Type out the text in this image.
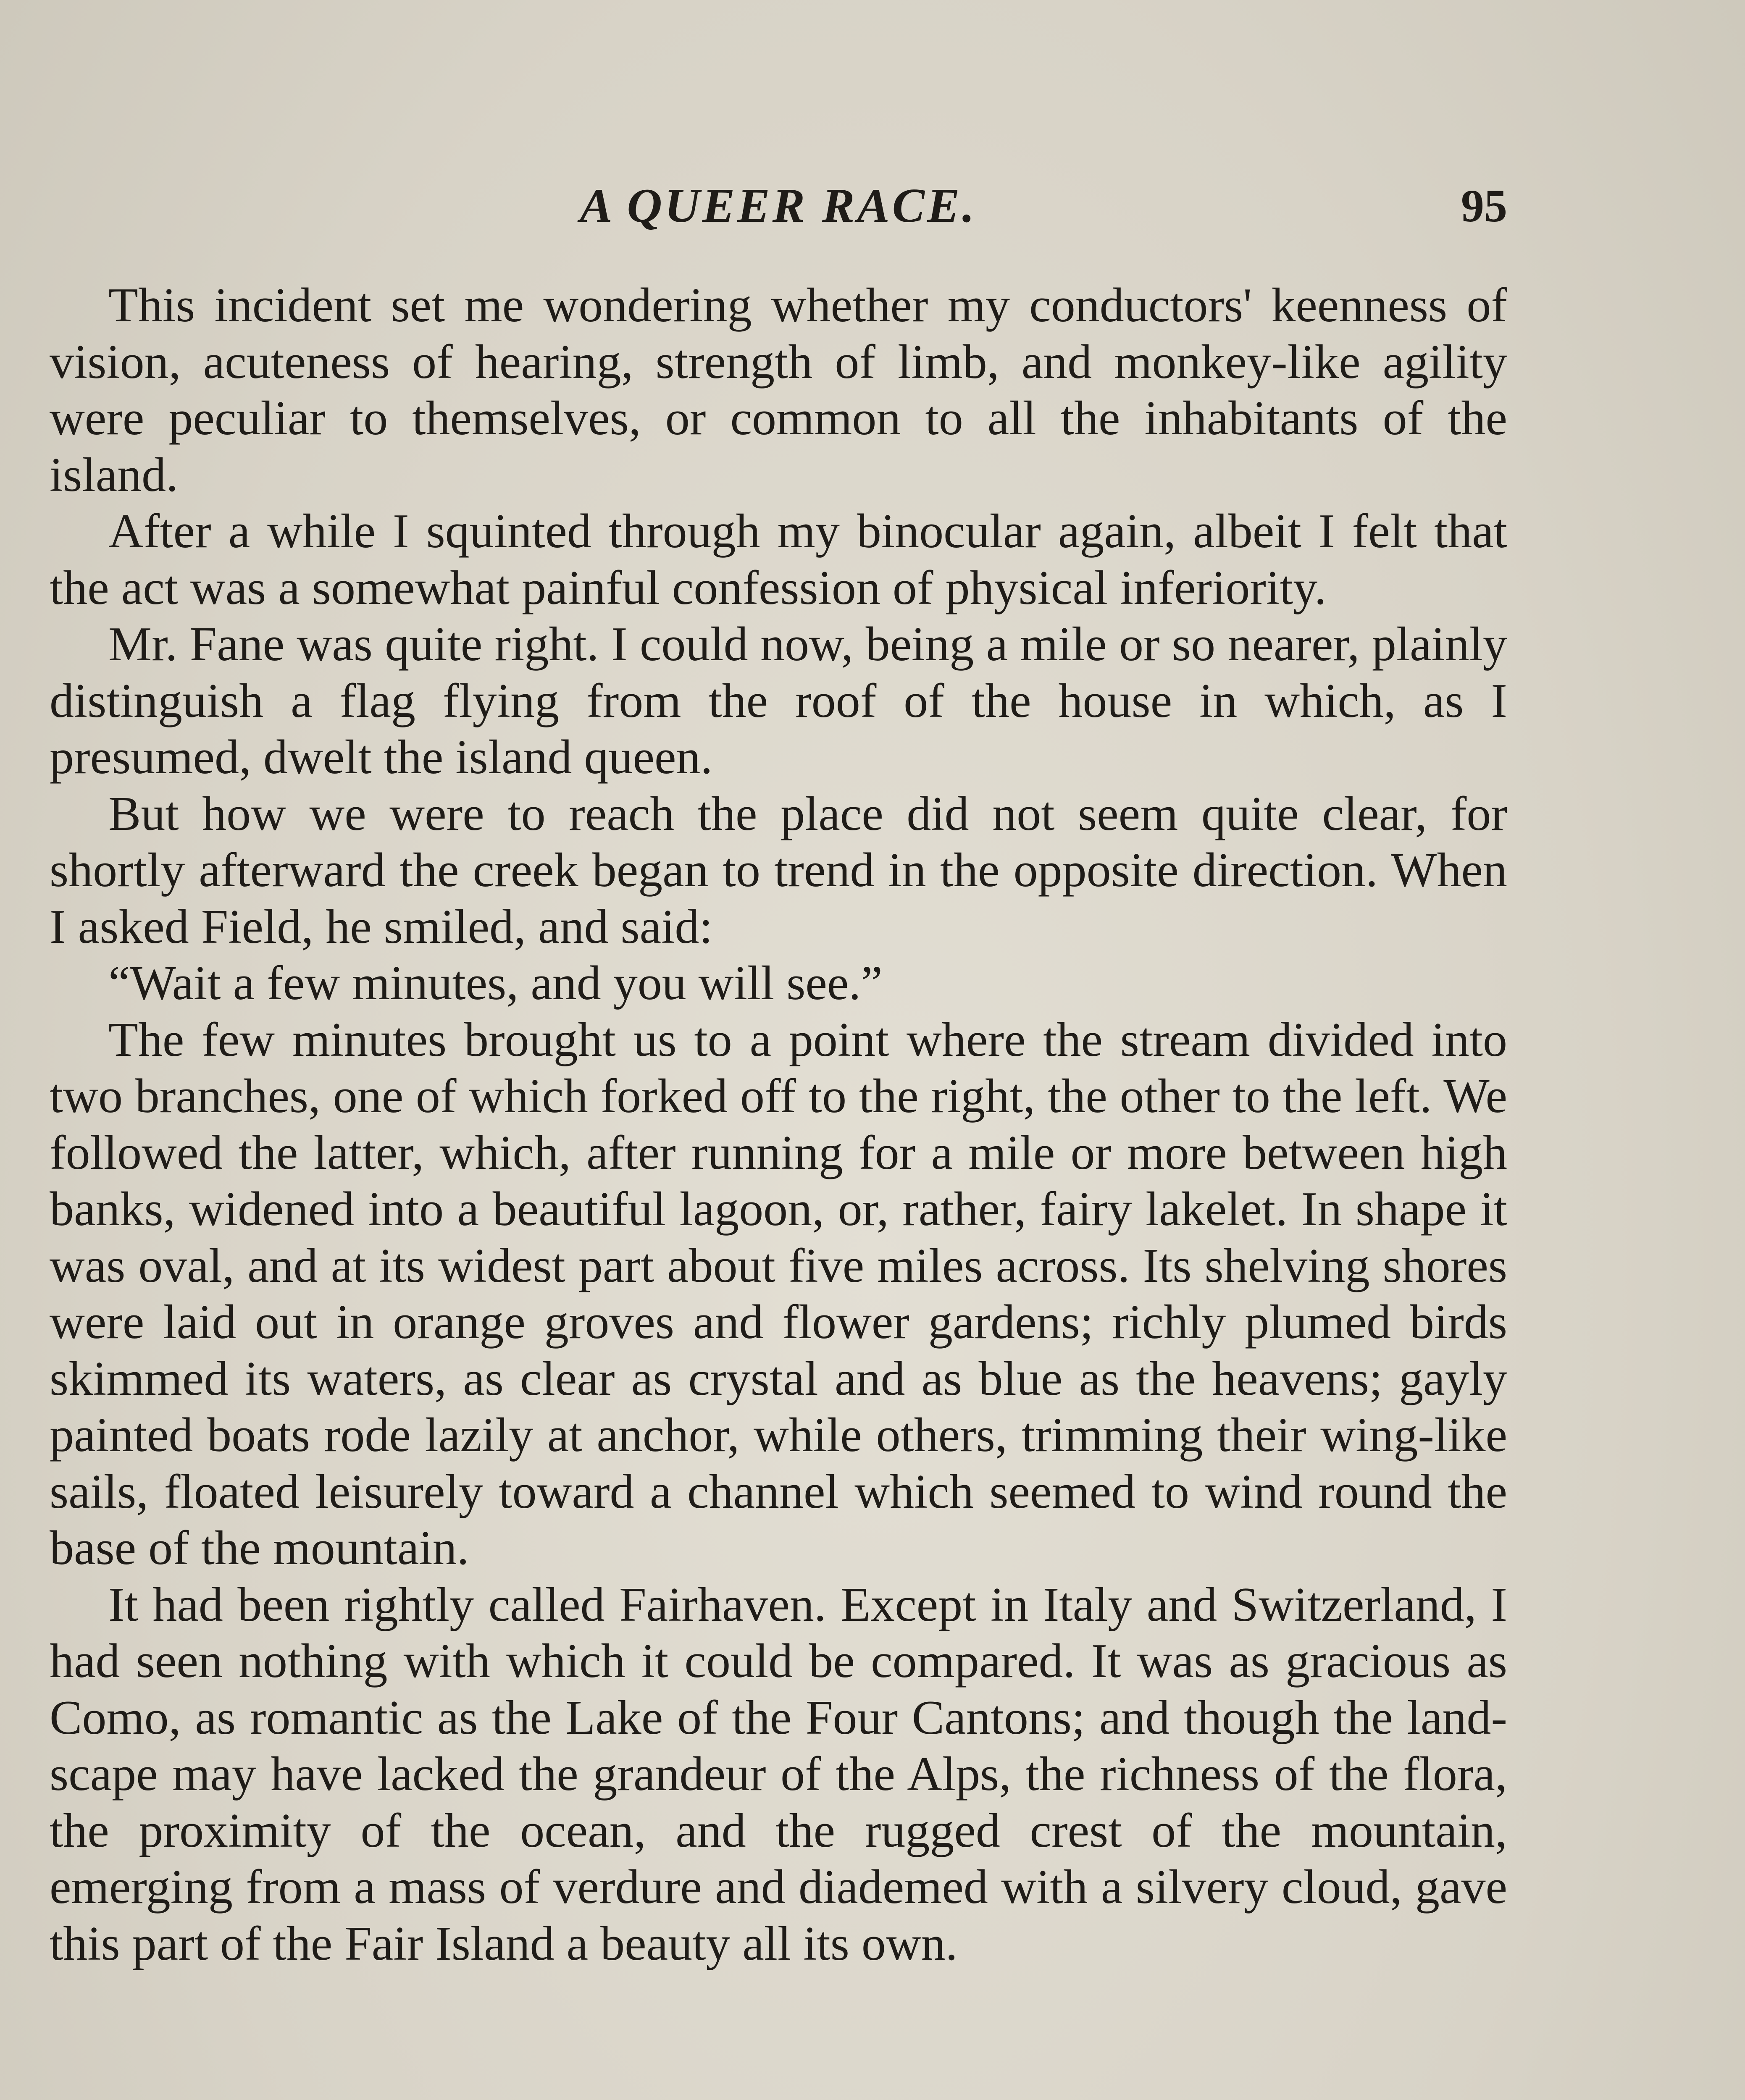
A QUEER RACE.	95

This incident set me wondering whether my conductors' keenness of vision, acuteness of hearing, strength of limb, and monkey-like agility were peculiar to themselves, or common to all the inhabitants of the island.

After a while I squinted through my binocular again, albeit I felt that the act was a somewhat painful confession of physical inferiority.

Mr. Fane was quite right. I could now, being a mile or so nearer, plainly distinguish a flag flying from the roof of the house in which, as I presumed, dwelt the island queen.

But how we were to reach the place did not seem quite clear, for shortly afterward the creek began to trend in the opposite direction. When I asked Field, he smiled, and said:

“Wait a few minutes, and you will see.”

The few minutes brought us to a point where the stream divided into two branches, one of which forked off to the right, the other to the left. We followed the latter, which, after running for a mile or more between high banks, widened into a beautiful lagoon, or, rather, fairy lakelet. In shape it was oval, and at its widest part about five miles across. Its shelving shores were laid out in orange groves and flower gardens; richly plumed birds skimmed its waters, as clear as crystal and as blue as the heavens; gayly painted boats rode lazily at anchor, while others, trimming their wing-like sails, floated leisurely toward a channel which seemed to wind round the base of the mountain.

It had been rightly called Fairhaven. Except in Italy and Switzerland, I had seen nothing with which it could be compared. It was as gracious as Como, as romantic as the Lake of the Four Cantons; and though the landscape may have lacked the grandeur of the Alps, the richness of the flora, the proximity of the ocean, and the rugged crest of the mountain, emerging from a mass of verdure and diademed with a silvery cloud, gave this part of the Fair Island a beauty all its own.
